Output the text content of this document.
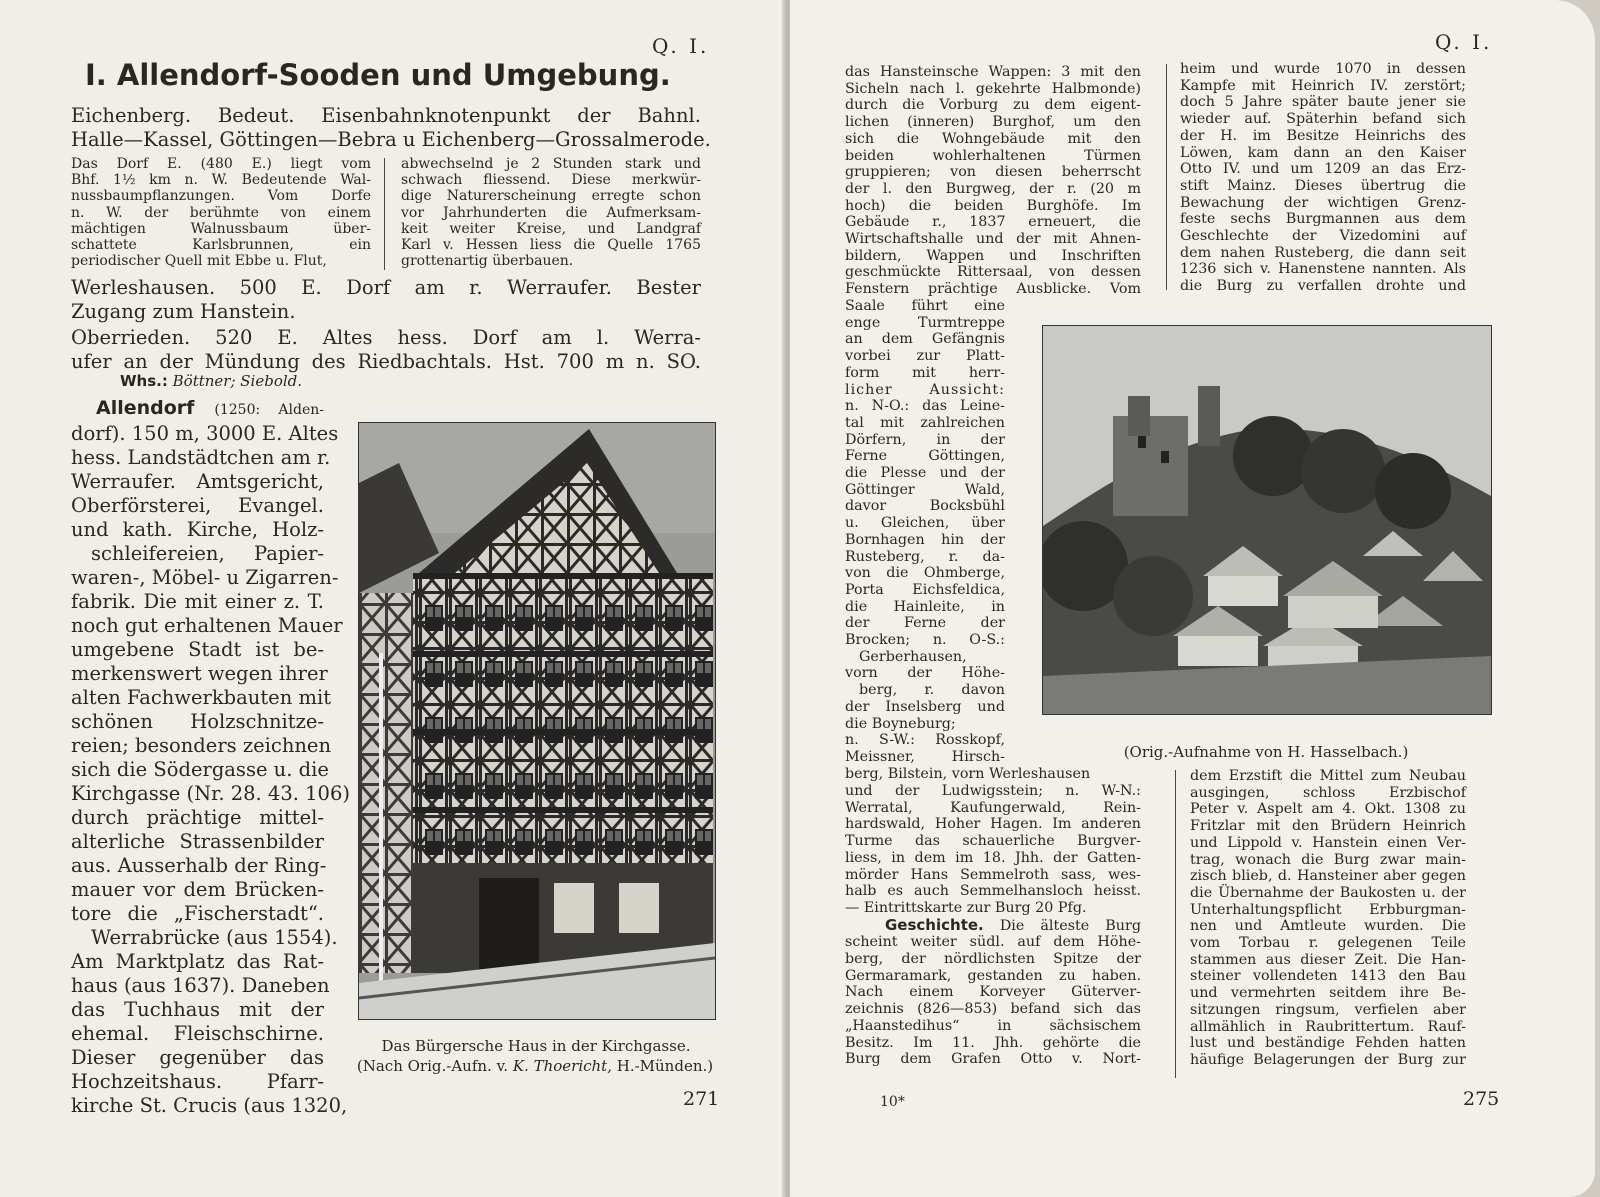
Q. I.
I. Allendorf-Sooden und Umgebung.
Eichenberg. Bedeut. Eisenbahnknotenpunkt der Bahnl.
Halle—Kassel, Göttingen—Bebra u Eichenberg—Grossalmerode.
Das Dorf E. (480 E.) liegt vom
Bhf. 1½ km n. W. Bedeutende Wal-
nussbaumpflanzungen. Vom Dorfe
n. W. der berühmte von einem
mächtigen Walnussbaum über-
schattete Karlsbrunnen, ein
periodischer Quell mit Ebbe u. Flut,
abwechselnd je 2 Stunden stark und
schwach fliessend. Diese merkwür-
dige Naturerscheinung erregte schon
vor Jahrhunderten die Aufmerksam-
keit weiter Kreise, und Landgraf
Karl v. Hessen liess die Quelle 1765
grottenartig überbauen.
Werleshausen. 500 E. Dorf am r. Werraufer. Bester
Zugang zum Hanstein.
Oberrieden. 520 E. Altes hess. Dorf am l. Werra-
ufer an der Mündung des Riedbachtals. Hst. 700 m n. SO.
Whs.: Böttner; Siebold.
Allendorf (1250: Alden-
dorf). 150 m, 3000 E. Altes
hess. Landstädtchen am r.
Werraufer. Amtsgericht,
Oberförsterei, Evangel.
und kath. Kirche, Holz-
schleifereien, Papier-
waren-, Möbel- u Zigarren-
fabrik. Die mit einer z. T.
noch gut erhaltenen Mauer
umgebene Stadt ist be-
merkenswert wegen ihrer
alten Fachwerkbauten mit
schönen Holzschnitze-
reien; besonders zeichnen
sich die Södergasse u. die
Kirchgasse (Nr. 28. 43. 106)
durch prächtige mittel-
alterliche Strassenbilder
aus. Ausserhalb der Ring-
mauer vor dem Brücken-
tore die „Fischerstadt“.
Werrabrücke (aus 1554).
Am Marktplatz das Rat-
haus (aus 1637). Daneben
das Tuchhaus mit der
ehemal. Fleischschirne.
Dieser gegenüber das
Hochzeitshaus. Pfarr-
kirche St. Crucis (aus 1320,
Das Bürgersche Haus in der Kirchgasse.
(Nach Orig.-Aufn. v. K. Thoericht, H.-Münden.)
271
Q. I.
das Hansteinsche Wappen: 3 mit den
Sicheln nach l. gekehrte Halbmonde)
durch die Vorburg zu dem eigent-
lichen (inneren) Burghof, um den
sich die Wohngebäude mit den
beiden wohlerhaltenen Türmen
gruppieren; von diesen beherrscht
der l. den Burgweg, der r. (20 m
hoch) die beiden Burghöfe. Im
Gebäude r., 1837 erneuert, die
Wirtschaftshalle und der mit Ahnen-
bildern, Wappen und Inschriften
geschmückte Rittersaal, von dessen
Fenstern prächtige Ausblicke. Vom
Saale führt eine
enge Turmtreppe
an dem Gefängnis
vorbei zur Platt-
form mit herr-
licher Aussicht:
n. N-O.: das Leine-
tal mit zahlreichen
Dörfern, in der
Ferne Göttingen,
die Plesse und der
Göttinger Wald,
davor Bocksbühl
u. Gleichen, über
Bornhagen hin der
Rusteberg, r. da-
von die Ohmberge,
Porta Eichsfeldica,
die Hainleite, in
der Ferne der
Brocken; n. O-S.:
Gerberhausen,
vorn der Höhe-
berg, r. davon
der Inselsberg und
die Boyneburg;
n. S-W.: Rosskopf,
Meissner, Hirsch-
berg, Bilstein, vorn Werleshausen
und der Ludwigsstein; n. W-N.:
Werratal, Kaufungerwald, Rein-
hardswald, Hoher Hagen. Im anderen
Turme das schauerliche Burgver-
liess, in dem im 18. Jhh. der Gatten-
mörder Hans Semmelroth sass, wes-
halb es auch Semmelhansloch heisst.
— Eintrittskarte zur Burg 20 Pfg.
Geschichte. Die älteste Burg
scheint weiter südl. auf dem Höhe-
berg, der nördlichsten Spitze der
Germaramark, gestanden zu haben.
Nach einem Korveyer Güterver-
zeichnis (826—853) befand sich das
„Haanstedihus“ in sächsischem
Besitz. Im 11. Jhh. gehörte die
Burg dem Grafen Otto v. Nort-
heim und wurde 1070 in dessen
Kampfe mit Heinrich IV. zerstört;
doch 5 Jahre später baute jener sie
wieder auf. Späterhin befand sich
der H. im Besitze Heinrichs des
Löwen, kam dann an den Kaiser
Otto IV. und um 1209 an das Erz-
stift Mainz. Dieses übertrug die
Bewachung der wichtigen Grenz-
feste sechs Burgmannen aus dem
Geschlechte der Vizedomini auf
dem nahen Rusteberg, die dann seit
1236 sich v. Hanenstene nannten. Als
die Burg zu verfallen drohte und
(Orig.-Aufnahme von H. Hasselbach.)
dem Erzstift die Mittel zum Neubau
ausgingen, schloss Erzbischof
Peter v. Aspelt am 4. Okt. 1308 zu
Fritzlar mit den Brüdern Heinrich
und Lippold v. Hanstein einen Ver-
trag, wonach die Burg zwar main-
zisch blieb, d. Hansteiner aber gegen
die Übernahme der Baukosten u. der
Unterhaltungspflicht Erbburgman-
nen und Amtleute wurden. Die
vom Torbau r. gelegenen Teile
stammen aus dieser Zeit. Die Han-
steiner vollendeten 1413 den Bau
und vermehrten seitdem ihre Be-
sitzungen ringsum, verfielen aber
allmählich in Raubrittertum. Rauf-
lust und beständige Fehden hatten
häufige Belagerungen der Burg zur
10*	275
